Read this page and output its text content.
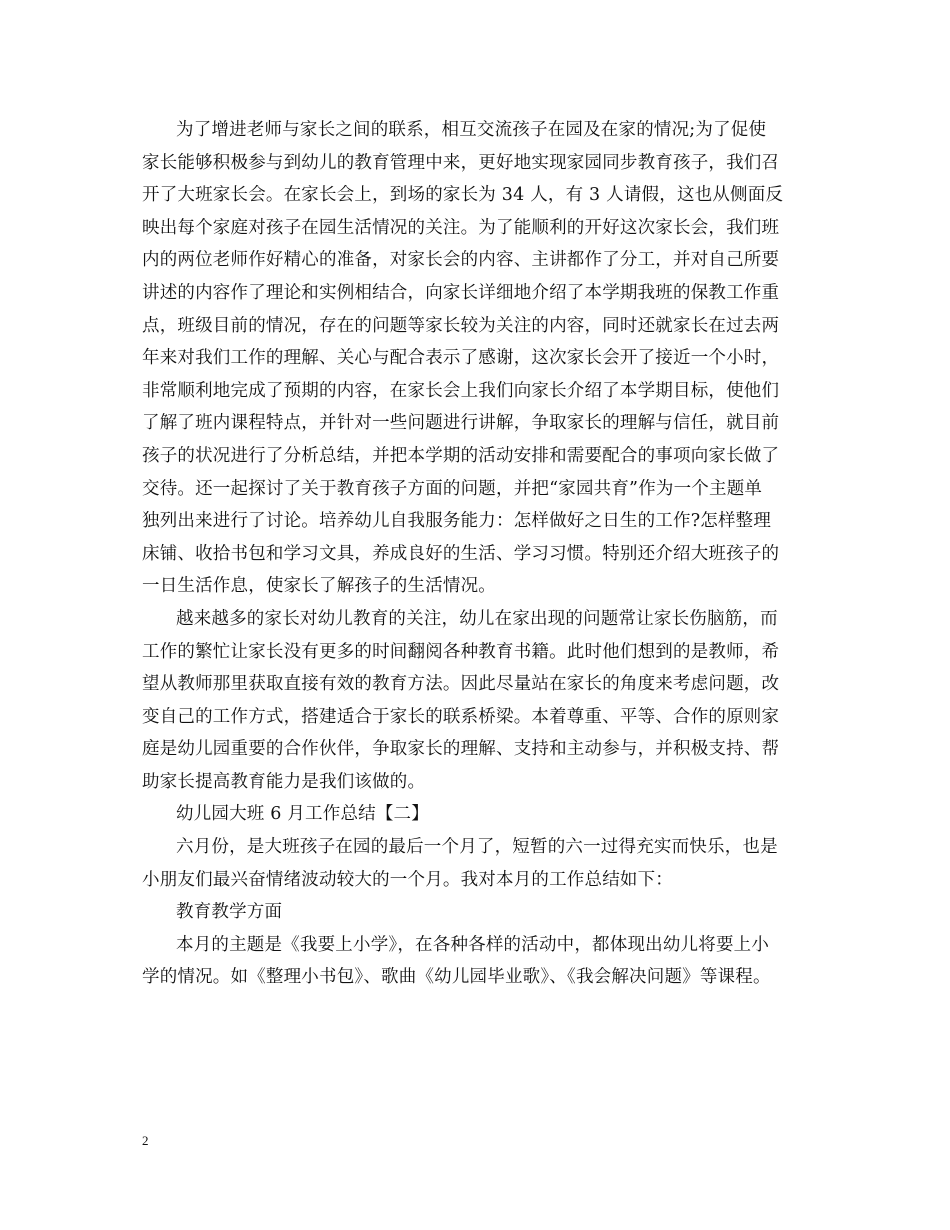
为了增进老师与家长之间的联系，相互交流孩子在园及在家的情况;为了促使
家长能够积极参与到幼儿的教育管理中来，更好地实现家园同步教育孩子，我们召
开了大班家长会。在家长会上，到场的家长为 34 人，有 3 人请假，这也从侧面反
映出每个家庭对孩子在园生活情况的关注。为了能顺利的开好这次家长会，我们班
内的两位老师作好精心的准备，对家长会的内容、主讲都作了分工，并对自己所要
讲述的内容作了理论和实例相结合，向家长详细地介绍了本学期我班的保教工作重
点，班级目前的情况，存在的问题等家长较为关注的内容，同时还就家长在过去两
年来对我们工作的理解、关心与配合表示了感谢，这次家长会开了接近一个小时，
非常顺利地完成了预期的内容，在家长会上我们向家长介绍了本学期目标，使他们
了解了班内课程特点，并针对一些问题进行讲解，争取家长的理解与信任，就目前
孩子的状况进行了分析总结，并把本学期的活动安排和需要配合的事项向家长做了
交待。还一起探讨了关于教育孩子方面的问题，并把“家园共育”作为一个主题单
独列出来进行了讨论。培养幼儿自我服务能力：怎样做好之日生的工作?怎样整理
床铺、收拾书包和学习文具，养成良好的生活、学习习惯。特别还介绍大班孩子的
一日生活作息，使家长了解孩子的生活情况。
越来越多的家长对幼儿教育的关注，幼儿在家出现的问题常让家长伤脑筋，而
工作的繁忙让家长没有更多的时间翻阅各种教育书籍。此时他们想到的是教师，希
望从教师那里获取直接有效的教育方法。因此尽量站在家长的角度来考虑问题，改
变自己的工作方式，搭建适合于家长的联系桥梁。本着尊重、平等、合作的原则家
庭是幼儿园重要的合作伙伴，争取家长的理解、支持和主动参与，并积极支持、帮
助家长提高教育能力是我们该做的。
幼儿园大班 6 月工作总结【二】
六月份，是大班孩子在园的最后一个月了，短暂的六一过得充实而快乐，也是
小朋友们最兴奋情绪波动较大的一个月。我对本月的工作总结如下：
教育教学方面
本月的主题是《我要上小学》，在各种各样的活动中，都体现出幼儿将要上小
学的情况。如《整理小书包》、歌曲《幼儿园毕业歌》、《我会解决问题》等课程。
2
